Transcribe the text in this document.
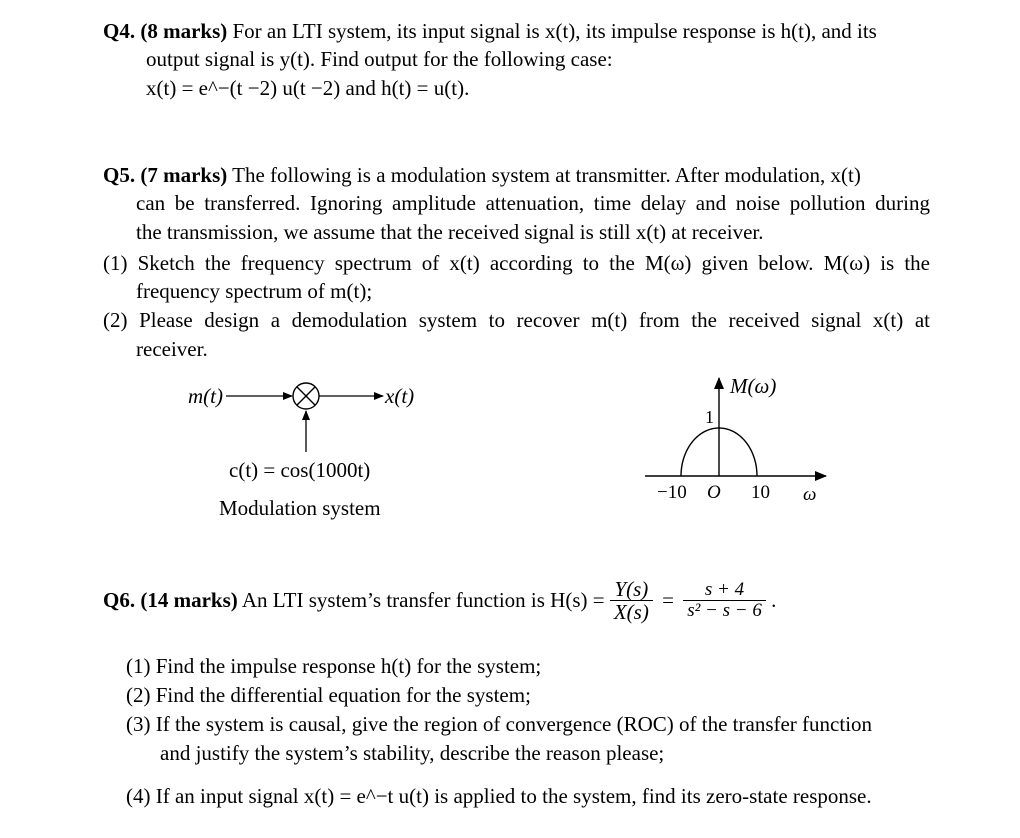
Q4. (8 marks) For an LTI system, its input signal is x(t), its impulse response is h(t), and its
output signal is y(t). Find output for the following case:
x(t) = e^−(t −2) u(t −2) and h(t) = u(t).
Q5. (7 marks) The following is a modulation system at transmitter. After modulation, x(t)
can be transferred. Ignoring amplitude attenuation, time delay and noise pollution during
the transmission, we assume that the received signal is still x(t) at receiver.
(1) Sketch the frequency spectrum of x(t) according to the M(ω) given below. M(ω) is the
frequency spectrum of m(t);
(2) Please design a demodulation system to recover m(t) from the received signal x(t) at
receiver.
m(t)	x(t)
c(t) = cos(1000t)
Modulation system
M(ω)
1
−10 O 10 ω
Q6. (14 marks) An LTI system’s transfer function is $H(s) = \frac{Y(s)}{X(s)} = \frac{s + 4}{\text{s² − s − 6}}$ .
(1) Find the impulse response h(t) for the system;
(2) Find the differential equation for the system;
(3) If the system is causal, give the region of convergence (ROC) of the transfer function
and justify the system’s stability, describe the reason please;
(4) If an input signal x(t) = e^−t u(t) is applied to the system, find its zero-state response.
